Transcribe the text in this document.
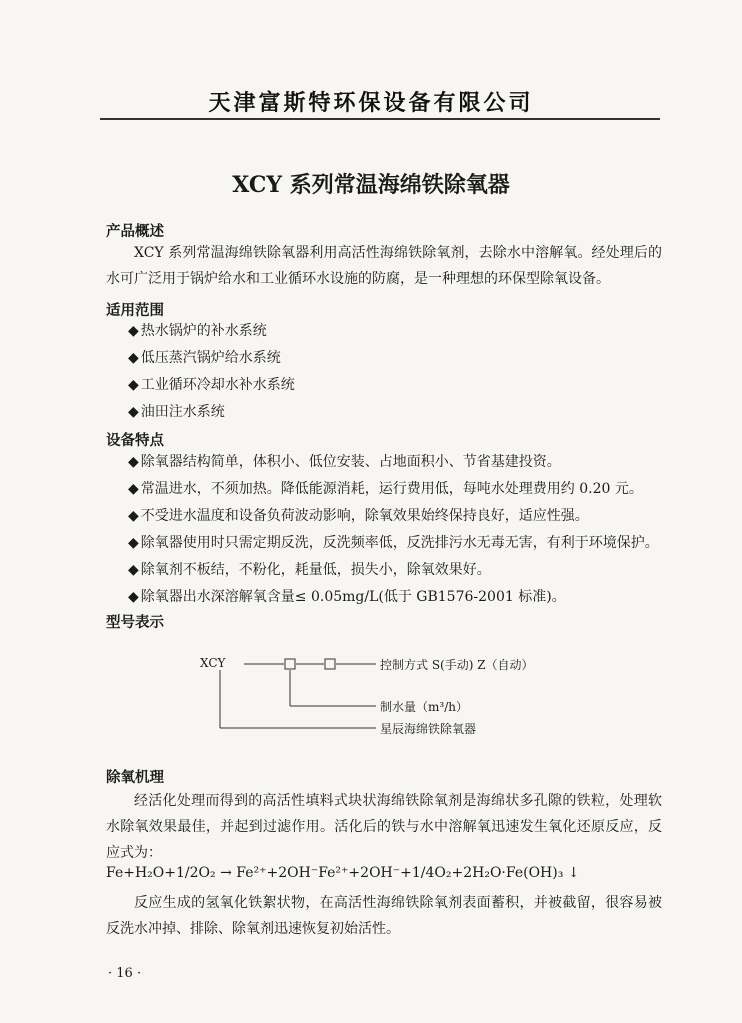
天津富斯特环保设备有限公司
XCY 系列常温海绵铁除氧器
产品概述

XCY 系列常温海绵铁除氧器利用高活性海绵铁除氧剂，去除水中溶解氧。经处理后的水可广泛用于锅炉给水和工业循环水设施的防腐，是一种理想的环保型除氧设备。

适用范围
◆ 热水锅炉的补水系统
◆ 低压蒸汽锅炉给水系统
◆ 工业循环冷却水补水系统
◆ 油田注水系统
设备特点
◆ 除氧器结构简单，体积小、低位安装、占地面积小、节省基建投资。
◆ 常温进水，不须加热。降低能源消耗，运行费用低，每吨水处理费用约 0.20 元。
◆ 不受进水温度和设备负荷波动影响，除氧效果始终保持良好，适应性强。
◆ 除氧器使用时只需定期反洗，反洗频率低，反洗排污水无毒无害，有利于环境保护。
◆ 除氧剂不板结，不粉化，耗量低，损失小，除氧效果好。
◆ 除氧器出水深溶解氧含量≤ 0.05mg/L(低于 GB1576-2001 标准)。
型号表示
XCY	控制方式 S(手动) Z（自动）
制水量（m³/h）
星辰海绵铁除氧器
除氧机理

经活化处理而得到的高活性填料式块状海绵铁除氧剂是海绵状多孔隙的铁粒，处理软水除氧效果最佳，并起到过滤作用。活化后的铁与水中溶解氧迅速发生氧化还原反应，反应式为：

Fe+H₂O+1/2O₂ → Fe²⁺+2OH⁻Fe²⁺+2OH⁻+1/4O₂+2H₂O·Fe(OH)₃ ↓

反应生成的氢氧化铁絮状物，在高活性海绵铁除氧剂表面蓄积，并被截留，很容易被反洗水冲掉、排除、除氧剂迅速恢复初始活性。

· 16 ·
